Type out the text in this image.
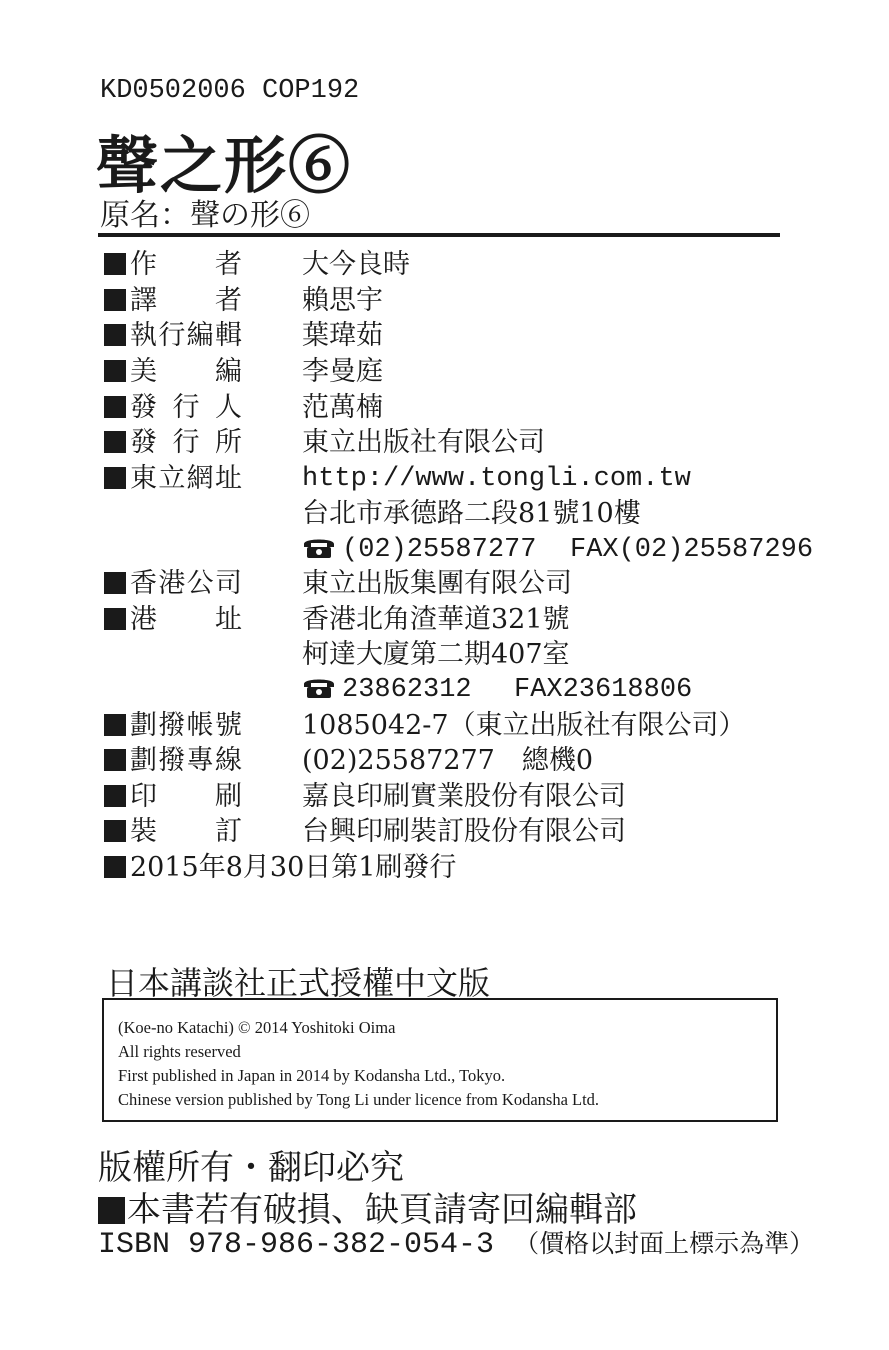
KD0502006 COP192
聲之形⑥
原名：聲の形⑥
作者 大今良時
譯者 賴思宇
執行編輯 葉瑋茹
美編 李曼庭
發行人 范萬楠
發行所 東立出版社有限公司
東立網址 http://www.tongli.com.tw
台北市承德路二段81號10樓
(02)25587277 FAX(02)25587296
香港公司 東立出版集團有限公司
港址 香港北角渣華道321號
柯達大廈第二期407室
23862312 FAX23618806
劃撥帳號 1085042-7（東立出版社有限公司）
劃撥專線 (02)25587277　總機0
印刷 嘉良印刷實業股份有限公司
裝訂 台興印刷裝訂股份有限公司
2015年8月30日第1刷發行
日本講談社正式授權中文版
(Koe-no Katachi) © 2014 Yoshitoki Oima
All rights reserved
First published in Japan in 2014 by Kodansha Ltd., Tokyo.
Chinese version published by Tong Li under licence from Kodansha Ltd.
版權所有・翻印必究
本書若有破損、缺頁請寄回編輯部
ISBN 978-986-382-054-3 （價格以封面上標示為準）
